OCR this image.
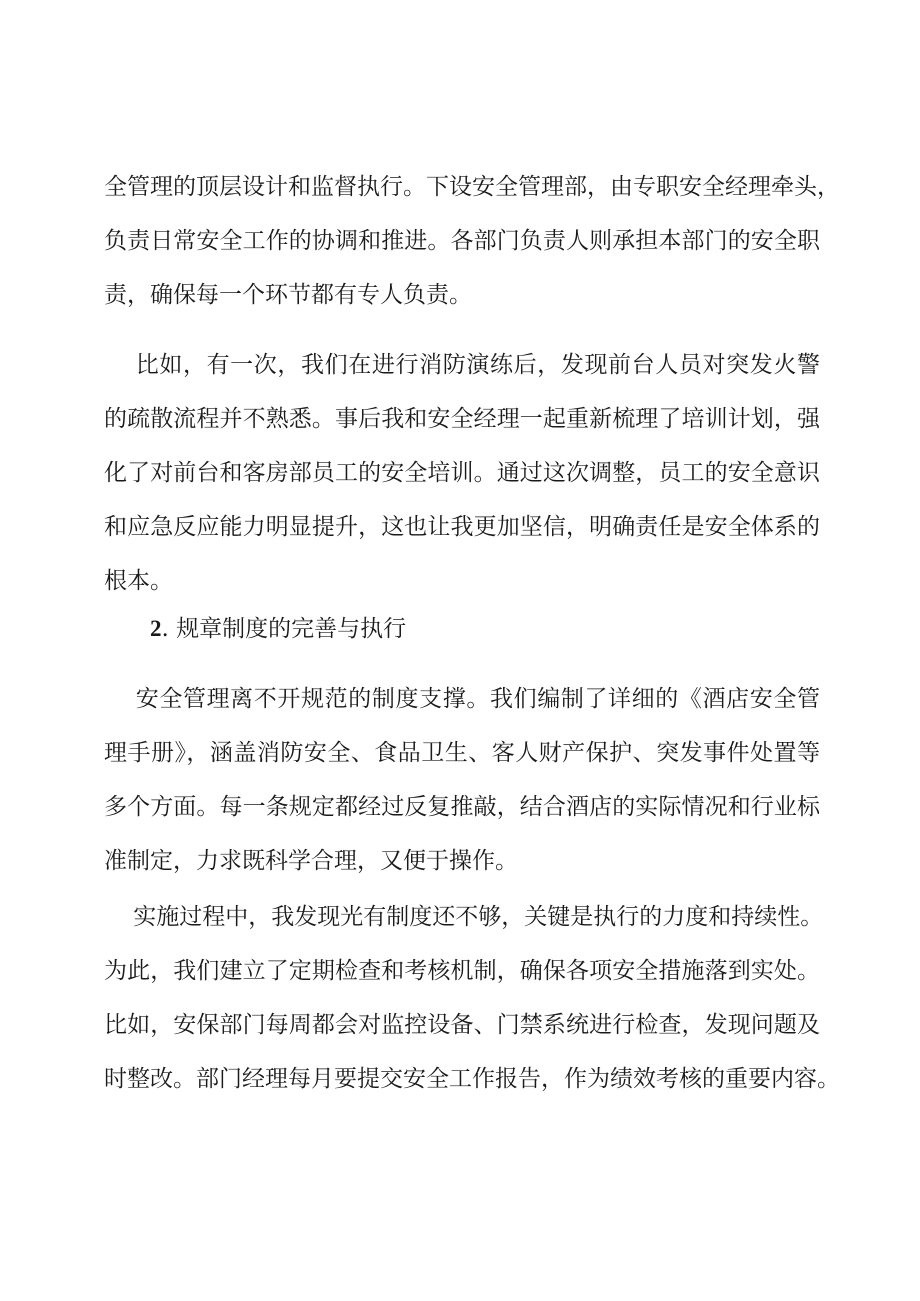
全管理的顶层设计和监督执行。下设安全管理部，由专职安全经理牵头，
负责日常安全工作的协调和推进。各部门负责人则承担本部门的安全职
责，确保每一个环节都有专人负责。
比如，有一次，我们在进行消防演练后，发现前台人员对突发火警
的疏散流程并不熟悉。事后我和安全经理一起重新梳理了培训计划，强
化了对前台和客房部员工的安全培训。通过这次调整，员工的安全意识
和应急反应能力明显提升，这也让我更加坚信，明确责任是安全体系的
根本。
2. 规章制度的完善与执行
安全管理离不开规范的制度支撑。我们编制了详细的《酒店安全管
理手册》，涵盖消防安全、食品卫生、客人财产保护、突发事件处置等
多个方面。每一条规定都经过反复推敲，结合酒店的实际情况和行业标
准制定，力求既科学合理，又便于操作。
实施过程中，我发现光有制度还不够，关键是执行的力度和持续性。
为此，我们建立了定期检查和考核机制，确保各项安全措施落到实处。
比如，安保部门每周都会对监控设备、门禁系统进行检查，发现问题及
时整改。部门经理每月要提交安全工作报告，作为绩效考核的重要内容。
